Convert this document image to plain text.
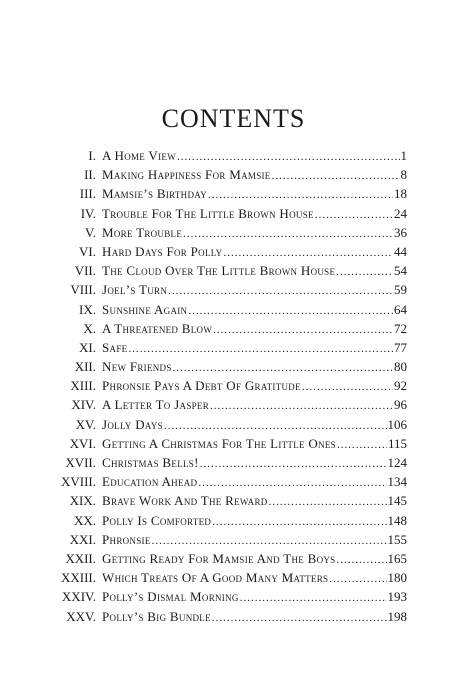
CONTENTS
I. A Home View .....	1
II. Making Happiness For Mamsie .....	8
III. Mamsie’s Birthday .....	18
IV. Trouble For The Little Brown House .....	24
V. More Trouble .....	36
VI. Hard Days For Polly .....	44
VII. The Cloud Over The Little Brown House .....	54
VIII. Joel’s Turn .....	59
IX. Sunshine Again .....	64
X. A Threatened Blow .....	72
XI. Safe .....	77
XII. New Friends .....	80
XIII. Phronsie Pays A Debt Of Gratitude .....	92
XIV. A Letter To Jasper .....	96
XV. Jolly Days .....	106
XVI. Getting A Christmas For The Little Ones .....	115
XVII. Christmas Bells! .....	124
XVIII. Education Ahead .....	134
XIX. Brave Work And The Reward .....	145
XX. Polly Is Comforted .....	148
XXI. Phronsie .....	155
XXII. Getting Ready For Mamsie And The Boys .....	165
XXIII. Which Treats Of A Good Many Matters .....	180
XXIV. Polly’s Dismal Morning .....	193
XXV. Polly’s Big Bundle .....	198
